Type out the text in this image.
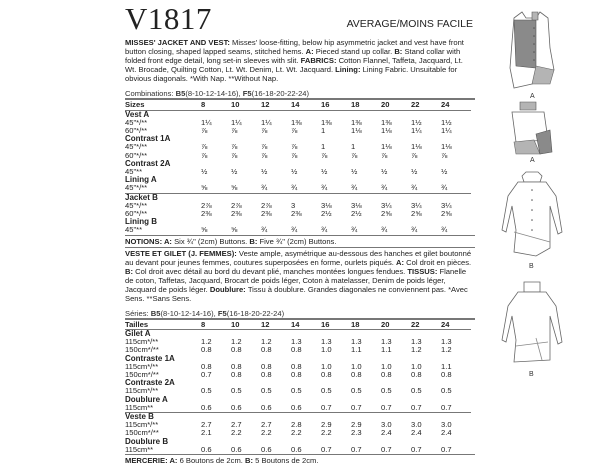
V1817	AVERAGE/MOINS FACILE
MISSES' JACKET AND VEST: Misses' loose-fitting, below hip asymmetric jacket and vest have front button closing, shaped lapped seams, stitched hems. A: Pieced stand up collar. B: Stand collar with folded front edge detail, long set-in sleeves with slit. FABRICS: Cotton Flannel, Taffeta, Jacquard, Lt. Wt. Brocade, Quilting Cotton, Lt. Wt. Denim, Lt. Wt. Jacquard. Lining: Lining Fabric. Unsuitable for obvious diagonals. *With Nap. **Without Nap.
Combinations: B5(8-10-12-14-16), F5(16-18-20-22-24)
Sizes	8	10	12	14	16	18	20	22	24
Vest A									
45"*/**	1¼	1¼	1¼	1⅜	1⅜	1⅜	1⅜	1½	1½
60"*/**	⅞	⅞	⅞	⅞	1	1⅛	1⅛	1¼	1¼
Contrast 1A									
45"*/**	⅞	⅞	⅞	⅞	1	1	1⅛	1⅛	1⅛
60"*/**	⅞	⅞	⅞	⅞	⅞	⅞	⅞	⅞	⅞
Contrast 2A									
45"**	½	½	½	½	½	½	½	½	½
Lining A									
45"*/**	⅝	⅝	¾	¾	¾	¾	¾	¾	¾
Jacket B									
45"*/**	2⅞	2⅞	2⅞	3	3⅛	3⅛	3¼	3¼	3¼
60"*/**	2⅜	2⅜	2⅜	2⅜	2½	2½	2⅝	2⅝	2⅝
Lining B									
45"**	⅝	⅝	¾	¾	¾	¾	¾	¾	¾
NOTIONS: A: Six ¾" (2cm) Buttons. B: Five ¾" (2cm) Buttons.
VESTE ET GILET (J. FEMMES): Veste ample, asymétrique au-dessous des hanches et gilet boutonné au devant pour jeunes femmes, coutures superposées en forme, ourlets piqués. A: Col droit en pièces. B: Col droit avec détail au bord du devant plié, manches montées longues fendues. TISSUS: Flanelle de coton, Taffetas, Jacquard, Brocart de poids léger, Coton à matelasser, Denim de poids léger, Jacquard de poids léger. Doublure: Tissu à doublure. Grandes diagonales ne conviennent pas. *Avec Sens. **Sans Sens.
Séries: B5(8-10-12-14-16), F5(16-18-20-22-24)
Tailles	8	10	12	14	16	18	20	22	24
Gilet A									
115cm*/**	1.2	1.2	1.2	1.3	1.3	1.3	1.3	1.3	1.3
150cm*/**	0.8	0.8	0.8	0.8	1.0	1.1	1.1	1.2	1.2
Contraste 1A									
115cm*/**	0.8	0.8	0.8	0.8	1.0	1.0	1.0	1.0	1.1
150cm*/**	0.7	0.8	0.8	0.8	0.8	0.8	0.8	0.8	0.8
Contraste 2A									
115cm*/**	0.5	0.5	0.5	0.5	0.5	0.5	0.5	0.5	0.5
Doublure A									
115cm**	0.6	0.6	0.6	0.6	0.7	0.7	0.7	0.7	0.7
Veste B									
115cm*/**	2.7	2.7	2.7	2.8	2.9	2.9	3.0	3.0	3.0
150cm*/**	2.1	2.2	2.2	2.2	2.2	2.3	2.4	2.4	2.4
Doublure B									
115cm**	0.6	0.6	0.6	0.6	0.7	0.7	0.7	0.7	0.7
MERCERIE: A: 6 Boutons de 2cm. B: 5 Boutons de 2cm.
A
A
B
B
